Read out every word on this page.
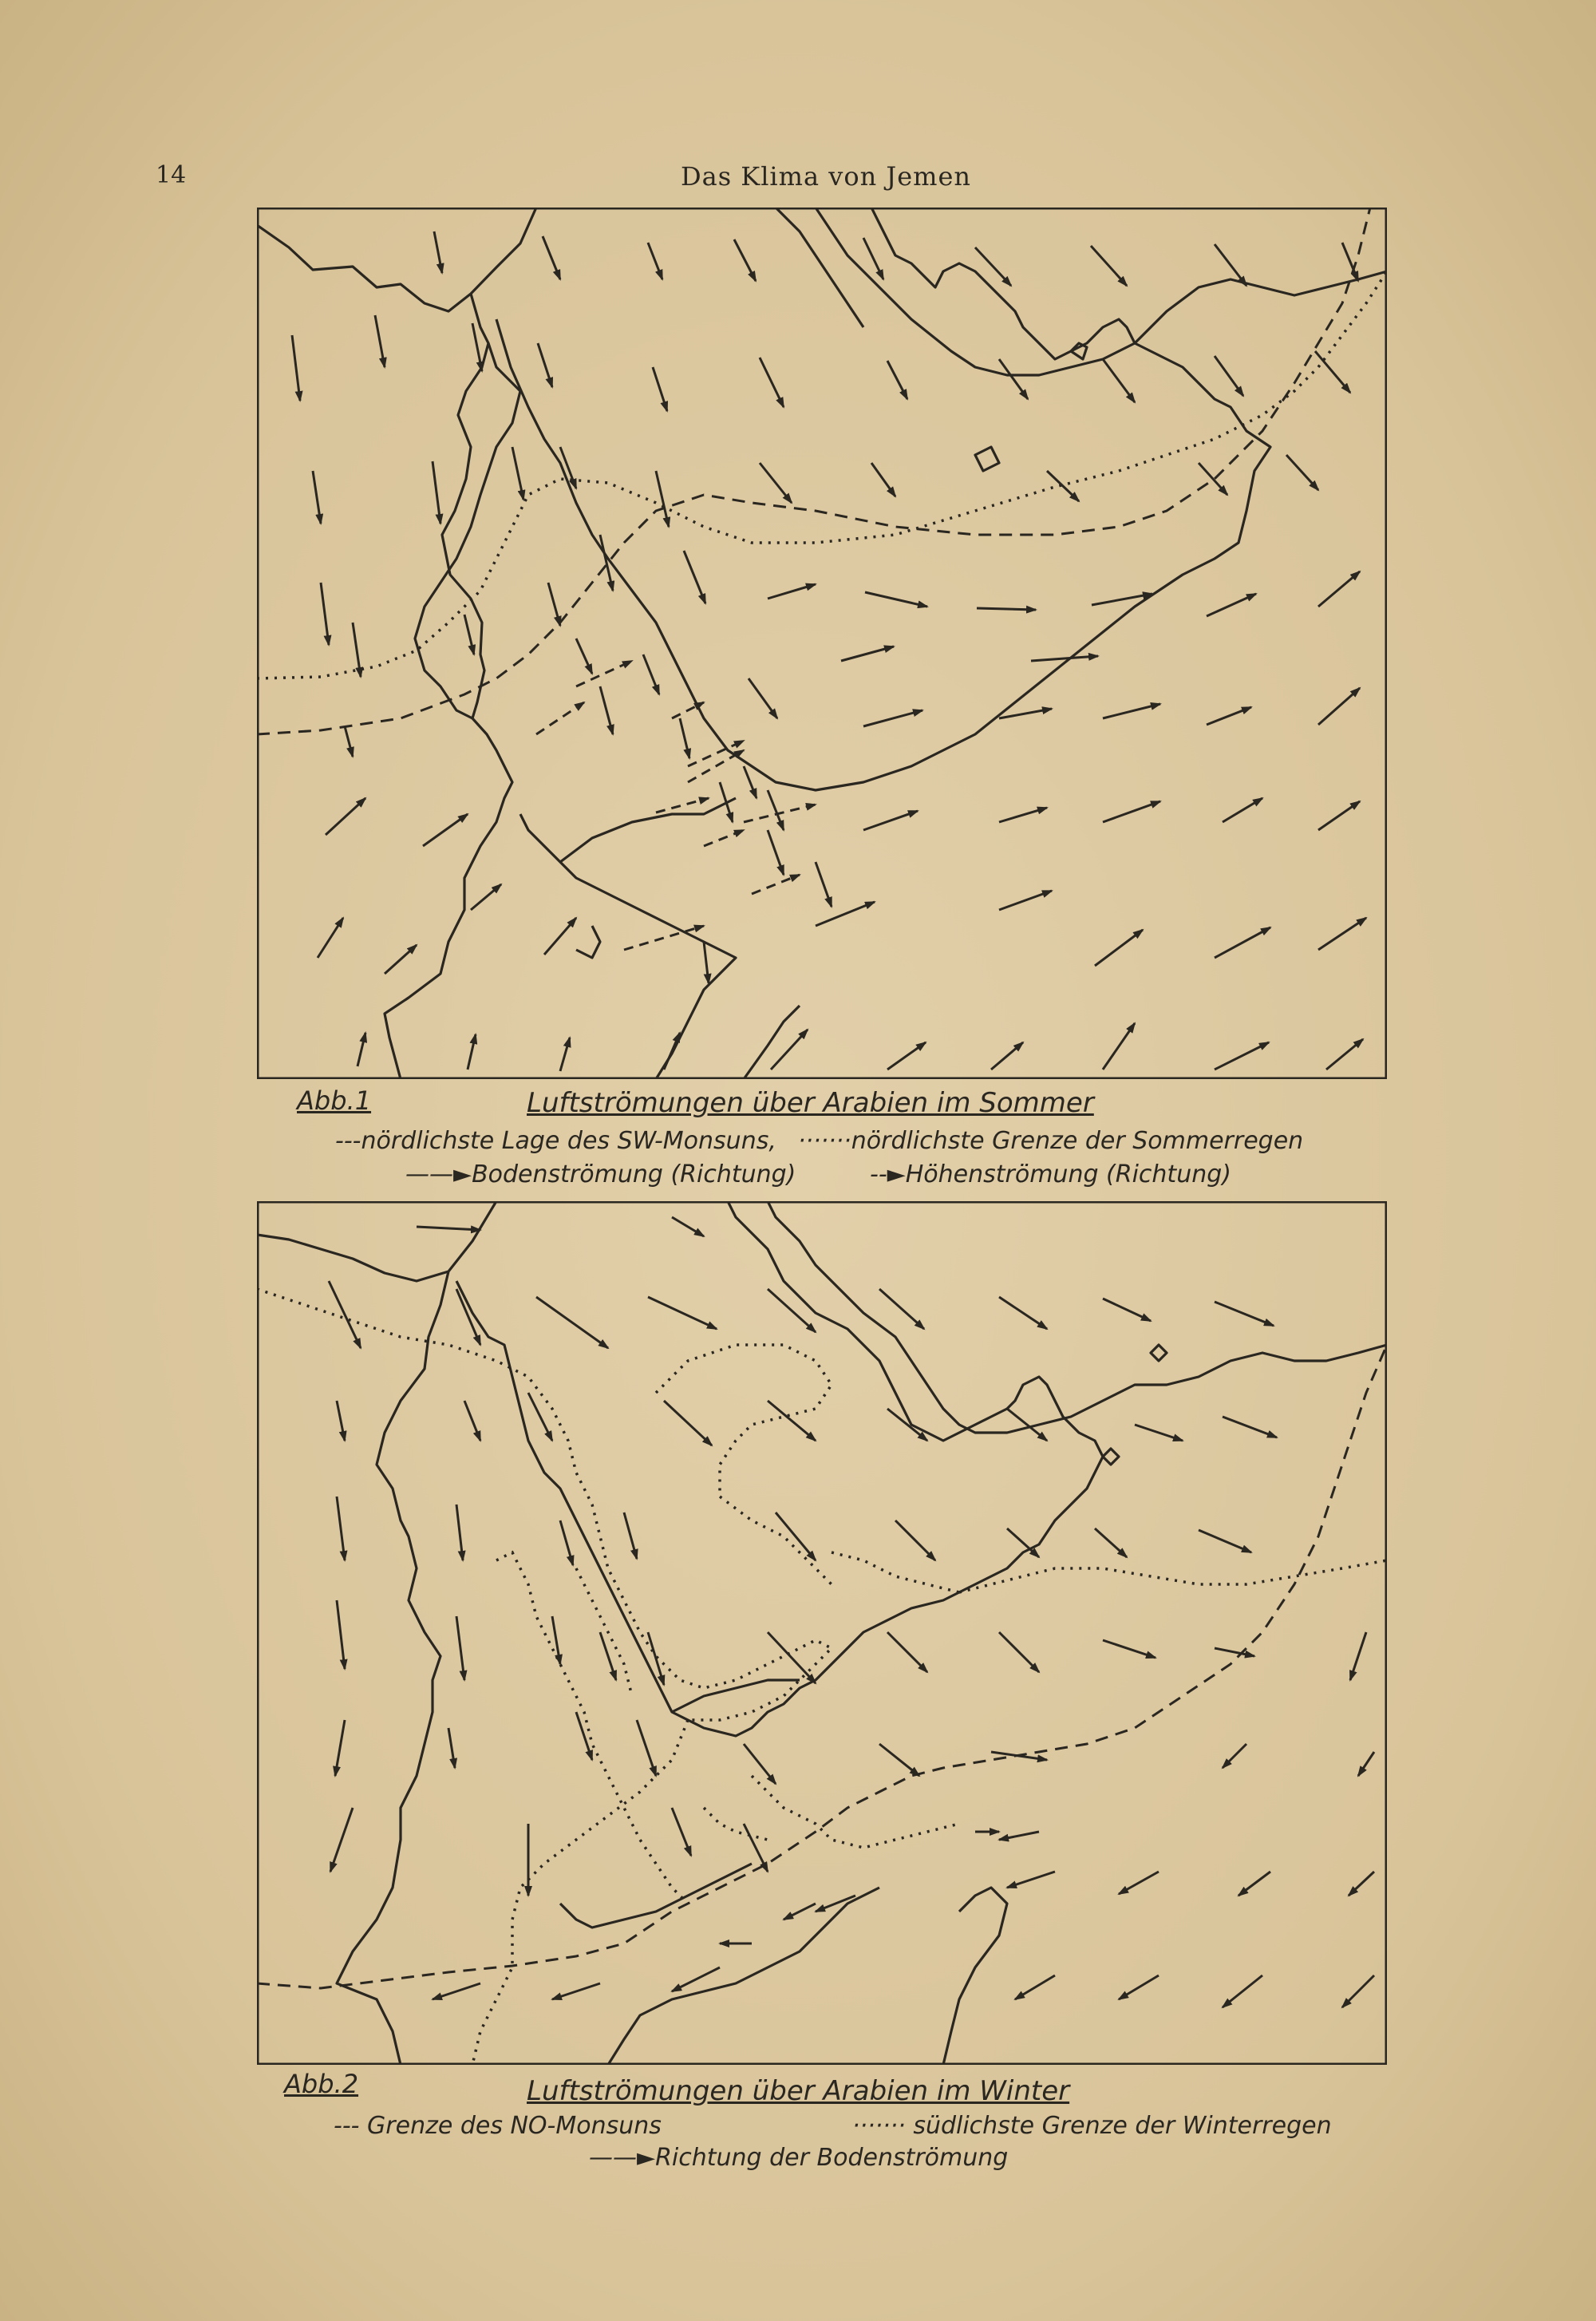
14	Das Klima von Jemen
Abb.1	Luftströmungen über Arabien im Sommer
---nördlichste Lage des SW-Monsuns, ·······nördlichste Grenze der Sommerregen
——►Bodenströmung (Richtung)	--►Höhenströmung (Richtung)
Abb.2	Luftströmungen über Arabien im Winter
--- Grenze des NO-Monsuns	······· südlichste Grenze der Winterregen
——►Richtung der Bodenströmung
